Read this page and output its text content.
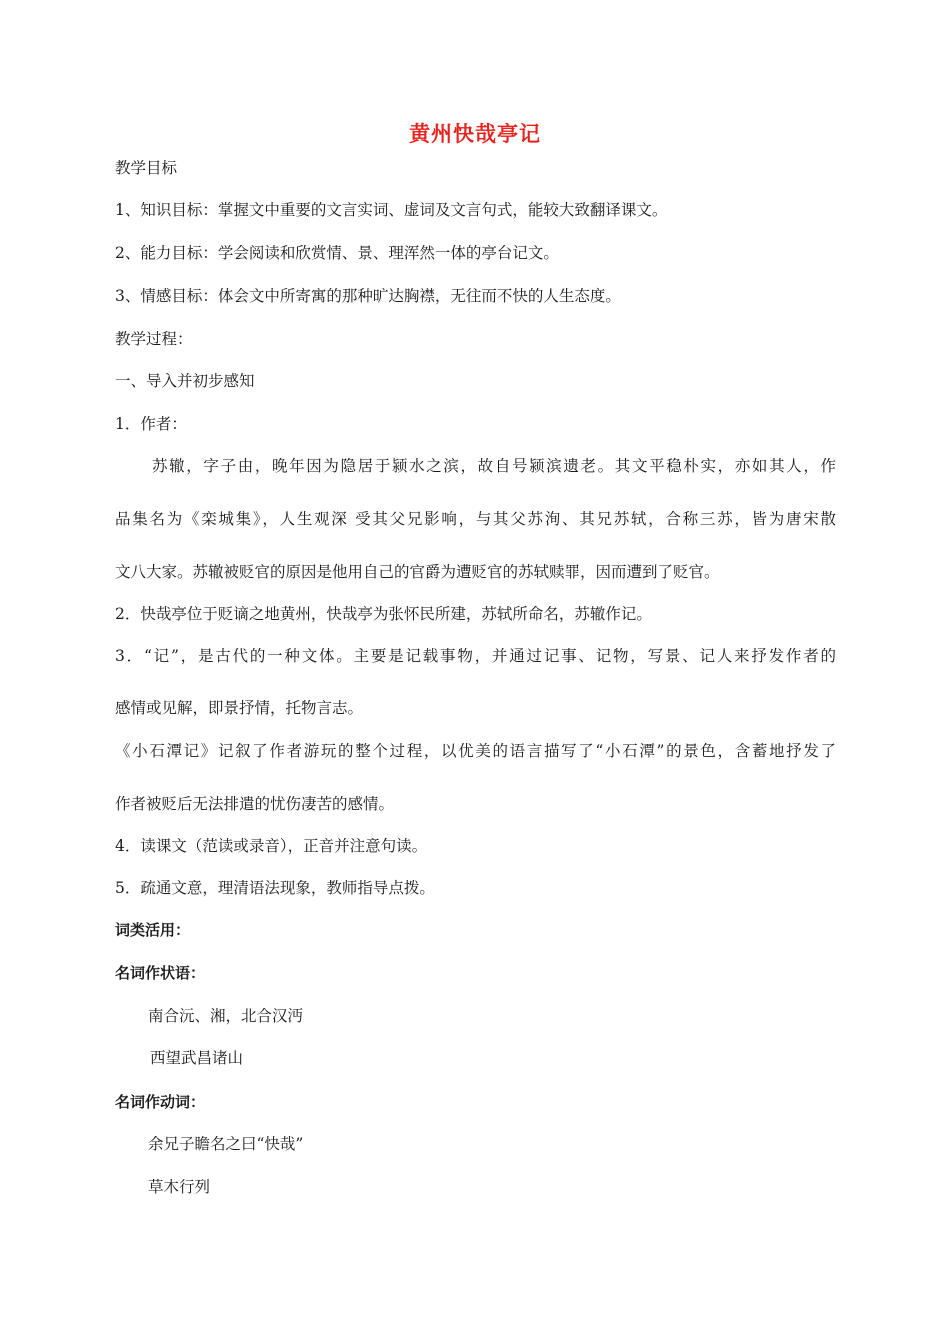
黄州快哉亭记
教学目标
1、知识目标：掌握文中重要的文言实词、虚词及文言句式，能较大致翻译课文。
2、能力目标：学会阅读和欣赏情、景、理浑然一体的亭台记文。
3、情感目标：体会文中所寄寓的那种旷达胸襟，无往而不快的人生态度。
教学过程：
一、导入并初步感知
1．作者：
苏辙，字子由，晚年因为隐居于颍水之滨，故自号颍滨遗老。其文平稳朴实，亦如其人，作
品集名为《栾城集》，人生观深 受其父兄影响，与其父苏洵、其兄苏轼，合称三苏，皆为唐宋散
文八大家。苏辙被贬官的原因是他用自己的官爵为遭贬官的苏轼赎罪，因而遭到了贬官。
2．快哉亭位于贬谪之地黄州，快哉亭为张怀民所建，苏轼所命名，苏辙作记。
3．“记”，是古代的一种文体。主要是记载事物，并通过记事、记物，写景、记人来抒发作者的
感情或见解，即景抒情，托物言志。
《小石潭记》记叙了作者游玩的整个过程，以优美的语言描写了“小石潭”的景色，含蓄地抒发了
作者被贬后无法排遣的忧伤凄苦的感情。
4．读课文（范读或录音），正音并注意句读。
5．疏通文意，理清语法现象，教师指导点拨。
词类活用：
名词作状语：
南合沅、湘，北合汉沔
西望武昌诸山
名词作动词：
余兄子瞻名之曰“快哉”
草木行列
